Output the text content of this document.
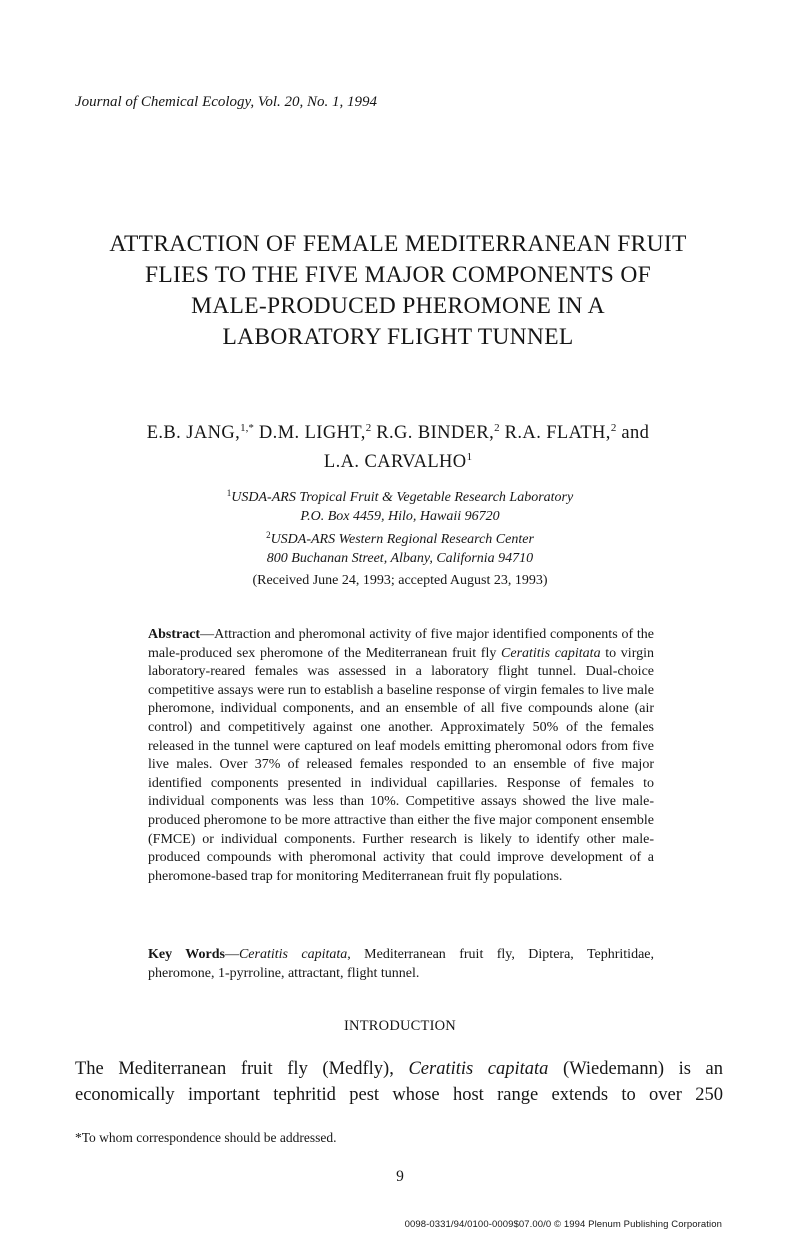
Journal of Chemical Ecology, Vol. 20, No. 1, 1994
ATTRACTION OF FEMALE MEDITERRANEAN FRUIT
FLIES TO THE FIVE MAJOR COMPONENTS OF
MALE-PRODUCED PHEROMONE IN A
LABORATORY FLIGHT TUNNEL
E.B. JANG,$^{1,*}$ D.M. LIGHT,$^2$ R.G. BINDER,$^2$ R.A. FLATH,$^2$ and
L.A. CARVALHO$^1$
$^1$USDA-ARS Tropical Fruit & Vegetable Research Laboratory
P.O. Box 4459, Hilo, Hawaii 96720
$^2$USDA-ARS Western Regional Research Center
800 Buchanan Street, Albany, California 94710
(Received June 24, 1993; accepted August 23, 1993)
Abstract—Attraction and pheromonal activity of five major identified components of the male-produced sex pheromone of the Mediterranean fruit fly Ceratitis capitata to virgin laboratory-reared females was assessed in a laboratory flight tunnel. Dual-choice competitive assays were run to establish a baseline response of virgin females to live male pheromone, individual components, and an ensemble of all five compounds alone (air control) and competitively against one another. Approximately 50% of the females released in the tunnel were captured on leaf models emitting pheromonal odors from five live males. Over 37% of released females responded to an ensemble of five major identified components presented in individual capillaries. Response of females to individual components was less than 10%. Competitive assays showed the live male-produced pheromone to be more attractive than either the five major component ensemble (FMCE) or individual components. Further research is likely to identify other male-produced compounds with pheromonal activity that could improve development of a pheromone-based trap for monitoring Mediterranean fruit fly populations.
Key Words—Ceratitis capitata, Mediterranean fruit fly, Diptera, Tephritidae, pheromone, 1-pyrroline, attractant, flight tunnel.
INTRODUCTION
The Mediterranean fruit fly (Medfly), Ceratitis capitata (Wiedemann) is an economically important tephritid pest whose host range extends to over 250
*To whom correspondence should be addressed.
9
0098-0331/94/0100-0009$07.00/0 © 1994 Plenum Publishing Corporation
